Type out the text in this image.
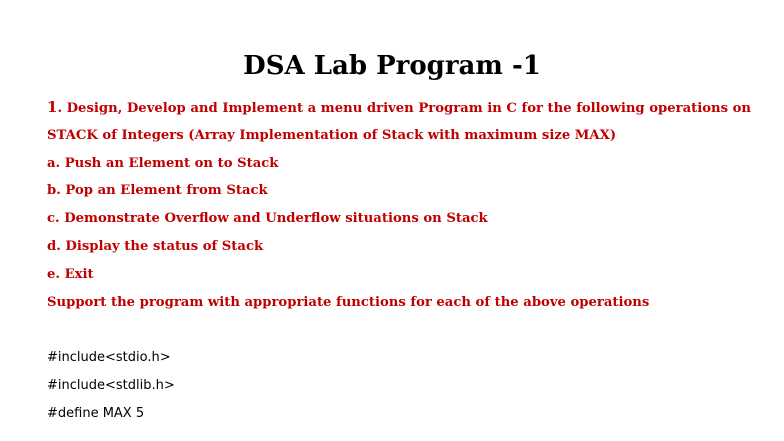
DSA Lab Program -1
1. Design, Develop and Implement a menu driven Program in C for the following operations on
STACK of Integers (Array Implementation of Stack with maximum size MAX)
a. Push an Element on to Stack
b. Pop an Element from Stack
c. Demonstrate Overflow and Underflow situations on Stack
d. Display the status of Stack
e. Exit
Support the program with appropriate functions for each of the above operations
#include<stdio.h>
#include<stdlib.h>
#define MAX 5
